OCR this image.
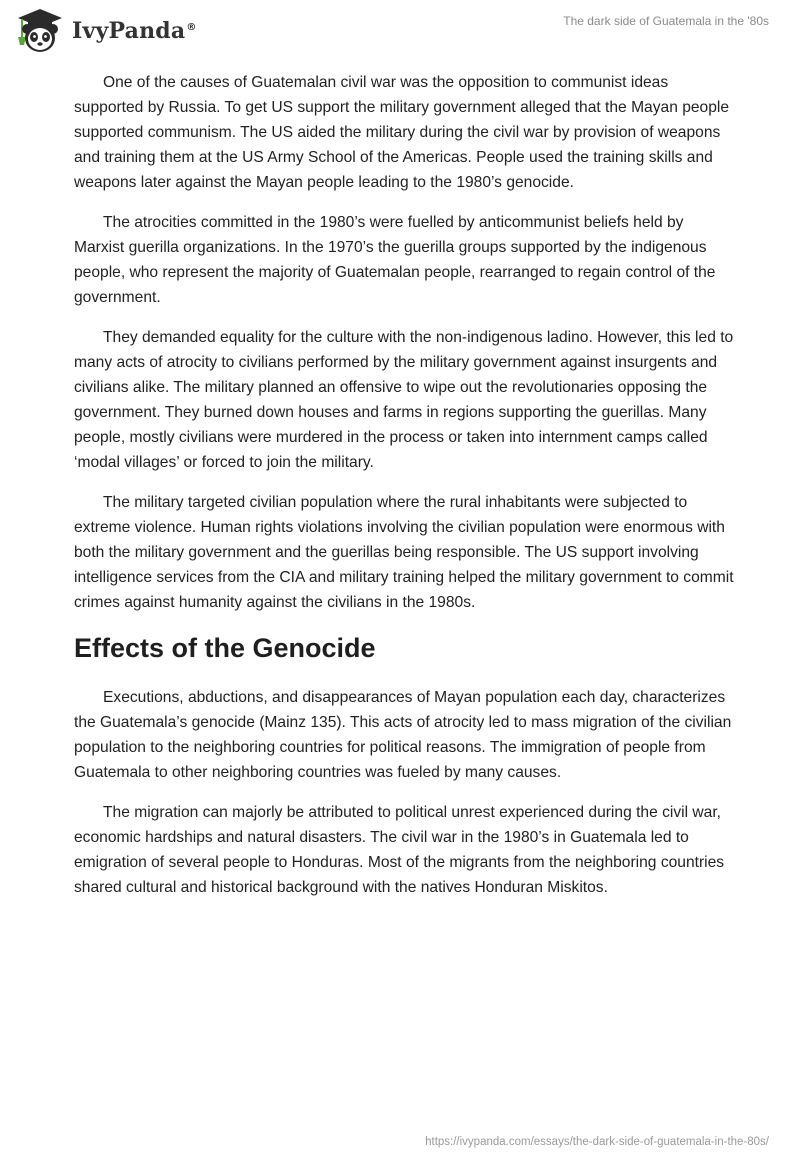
IvyPanda®	The dark side of Guatemala in the '80s

One of the causes of Guatemalan civil war was the opposition to communist ideas supported by Russia. To get US support the military government alleged that the Mayan people supported communism. The US aided the military during the civil war by provision of weapons and training them at the US Army School of the Americas. People used the training skills and weapons later against the Mayan people leading to the 1980’s genocide.

The atrocities committed in the 1980’s were fuelled by anticommunist beliefs held by Marxist guerilla organizations. In the 1970’s the guerilla groups supported by the indigenous people, who represent the majority of Guatemalan people, rearranged to regain control of the government.

They demanded equality for the culture with the non-indigenous ladino. However, this led to many acts of atrocity to civilians performed by the military government against insurgents and civilians alike. The military planned an offensive to wipe out the revolutionaries opposing the government. They burned down houses and farms in regions supporting the guerillas. Many people, mostly civilians were murdered in the process or taken into internment camps called ‘modal villages’ or forced to join the military.

The military targeted civilian population where the rural inhabitants were subjected to extreme violence. Human rights violations involving the civilian population were enormous with both the military government and the guerillas being responsible. The US support involving intelligence services from the CIA and military training helped the military government to commit crimes against humanity against the civilians in the 1980s.

Effects of the Genocide

Executions, abductions, and disappearances of Mayan population each day, characterizes the Guatemala’s genocide (Mainz 135). This acts of atrocity led to mass migration of the civilian population to the neighboring countries for political reasons. The immigration of people from Guatemala to other neighboring countries was fueled by many causes.

The migration can majorly be attributed to political unrest experienced during the civil war, economic hardships and natural disasters. The civil war in the 1980’s in Guatemala led to emigration of several people to Honduras. Most of the migrants from the neighboring countries shared cultural and historical background with the natives Honduran Miskitos.

https://ivypanda.com/essays/the-dark-side-of-guatemala-in-the-80s/
